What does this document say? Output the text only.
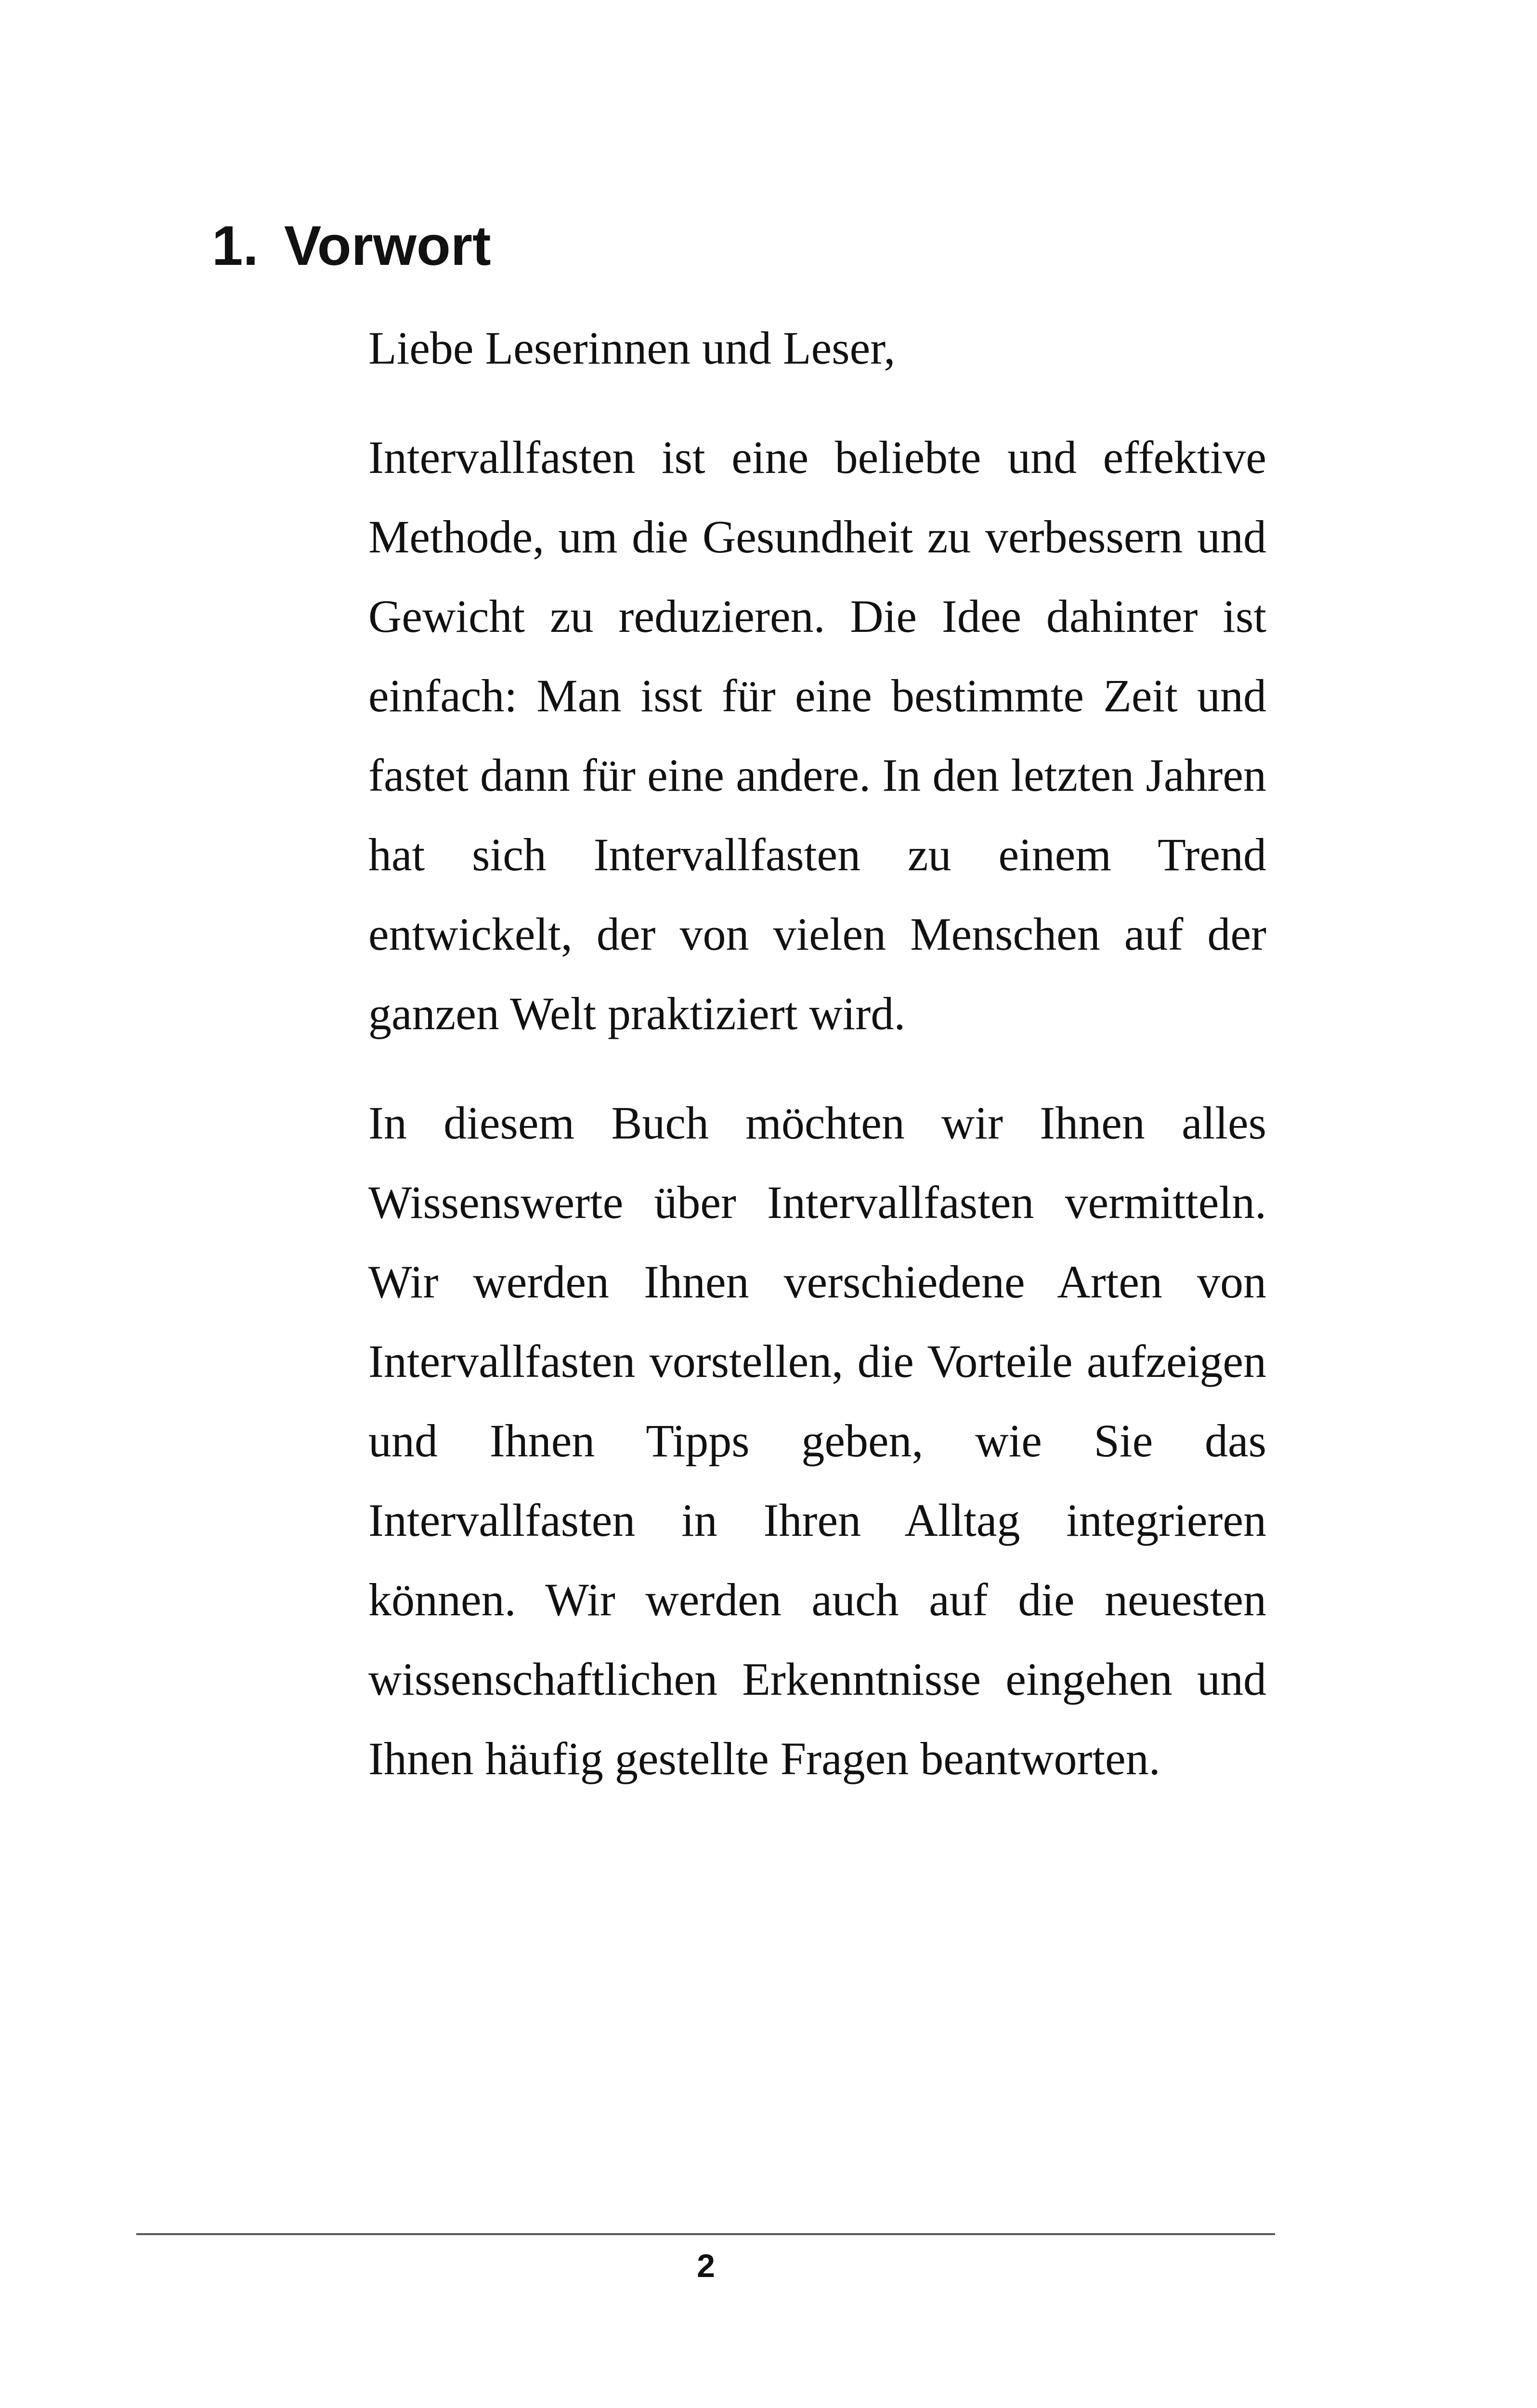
1. Vorwort

Liebe Leserinnen und Leser,

Intervallfasten ist eine beliebte und effektive Methode, um die Gesundheit zu verbessern und Gewicht zu reduzieren. Die Idee dahinter ist einfach: Man isst für eine bestimmte Zeit und fastet dann für eine andere. In den letzten Jahren hat sich Intervallfasten zu einem Trend entwickelt, der von vielen Menschen auf der ganzen Welt praktiziert wird.

In diesem Buch möchten wir Ihnen alles Wissenswerte über Intervallfasten vermitteln. Wir werden Ihnen verschiedene Arten von Intervallfasten vorstellen, die Vorteile aufzeigen und Ihnen Tipps geben, wie Sie das Intervallfasten in Ihren Alltag integrieren können. Wir werden auch auf die neuesten wissenschaftlichen Erkenntnisse eingehen und Ihnen häufig gestellte Fragen beantworten.

2
